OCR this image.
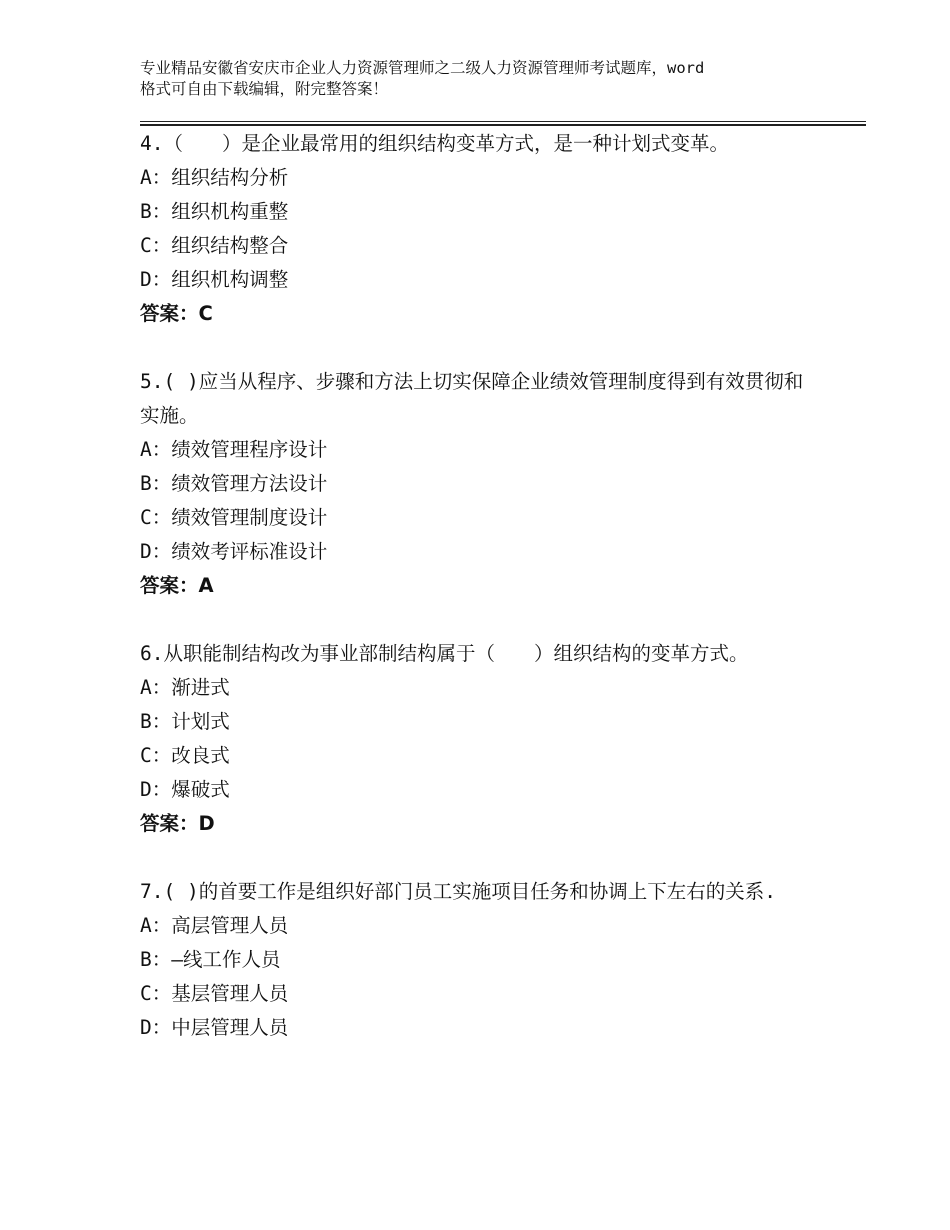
专业精品安徽省安庆市企业人力资源管理师之二级人力资源管理师考试题库，word
格式可自由下载编辑，附完整答案！

4.（　　）是企业最常用的组织结构变革方式，是一种计划式变革。

A：组织结构分析

B：组织机构重整

C：组织结构整合

D：组织机构调整

答案：C

5.( )应当从程序、步骤和方法上切实保障企业绩效管理制度得到有效贯彻和实施。

A：绩效管理程序设计

B：绩效管理方法设计

C：绩效管理制度设计

D：绩效考评标准设计

答案：A

6.从职能制结构改为事业部制结构属于（　　）组织结构的变革方式。

A：渐进式

B：计划式

C：改良式

D：爆破式

答案：D

7.( )的首要工作是组织好部门员工实施项目任务和协调上下左右的关系.

A：高层管理人员

B：—线工作人员

C：基层管理人员

D：中层管理人员
